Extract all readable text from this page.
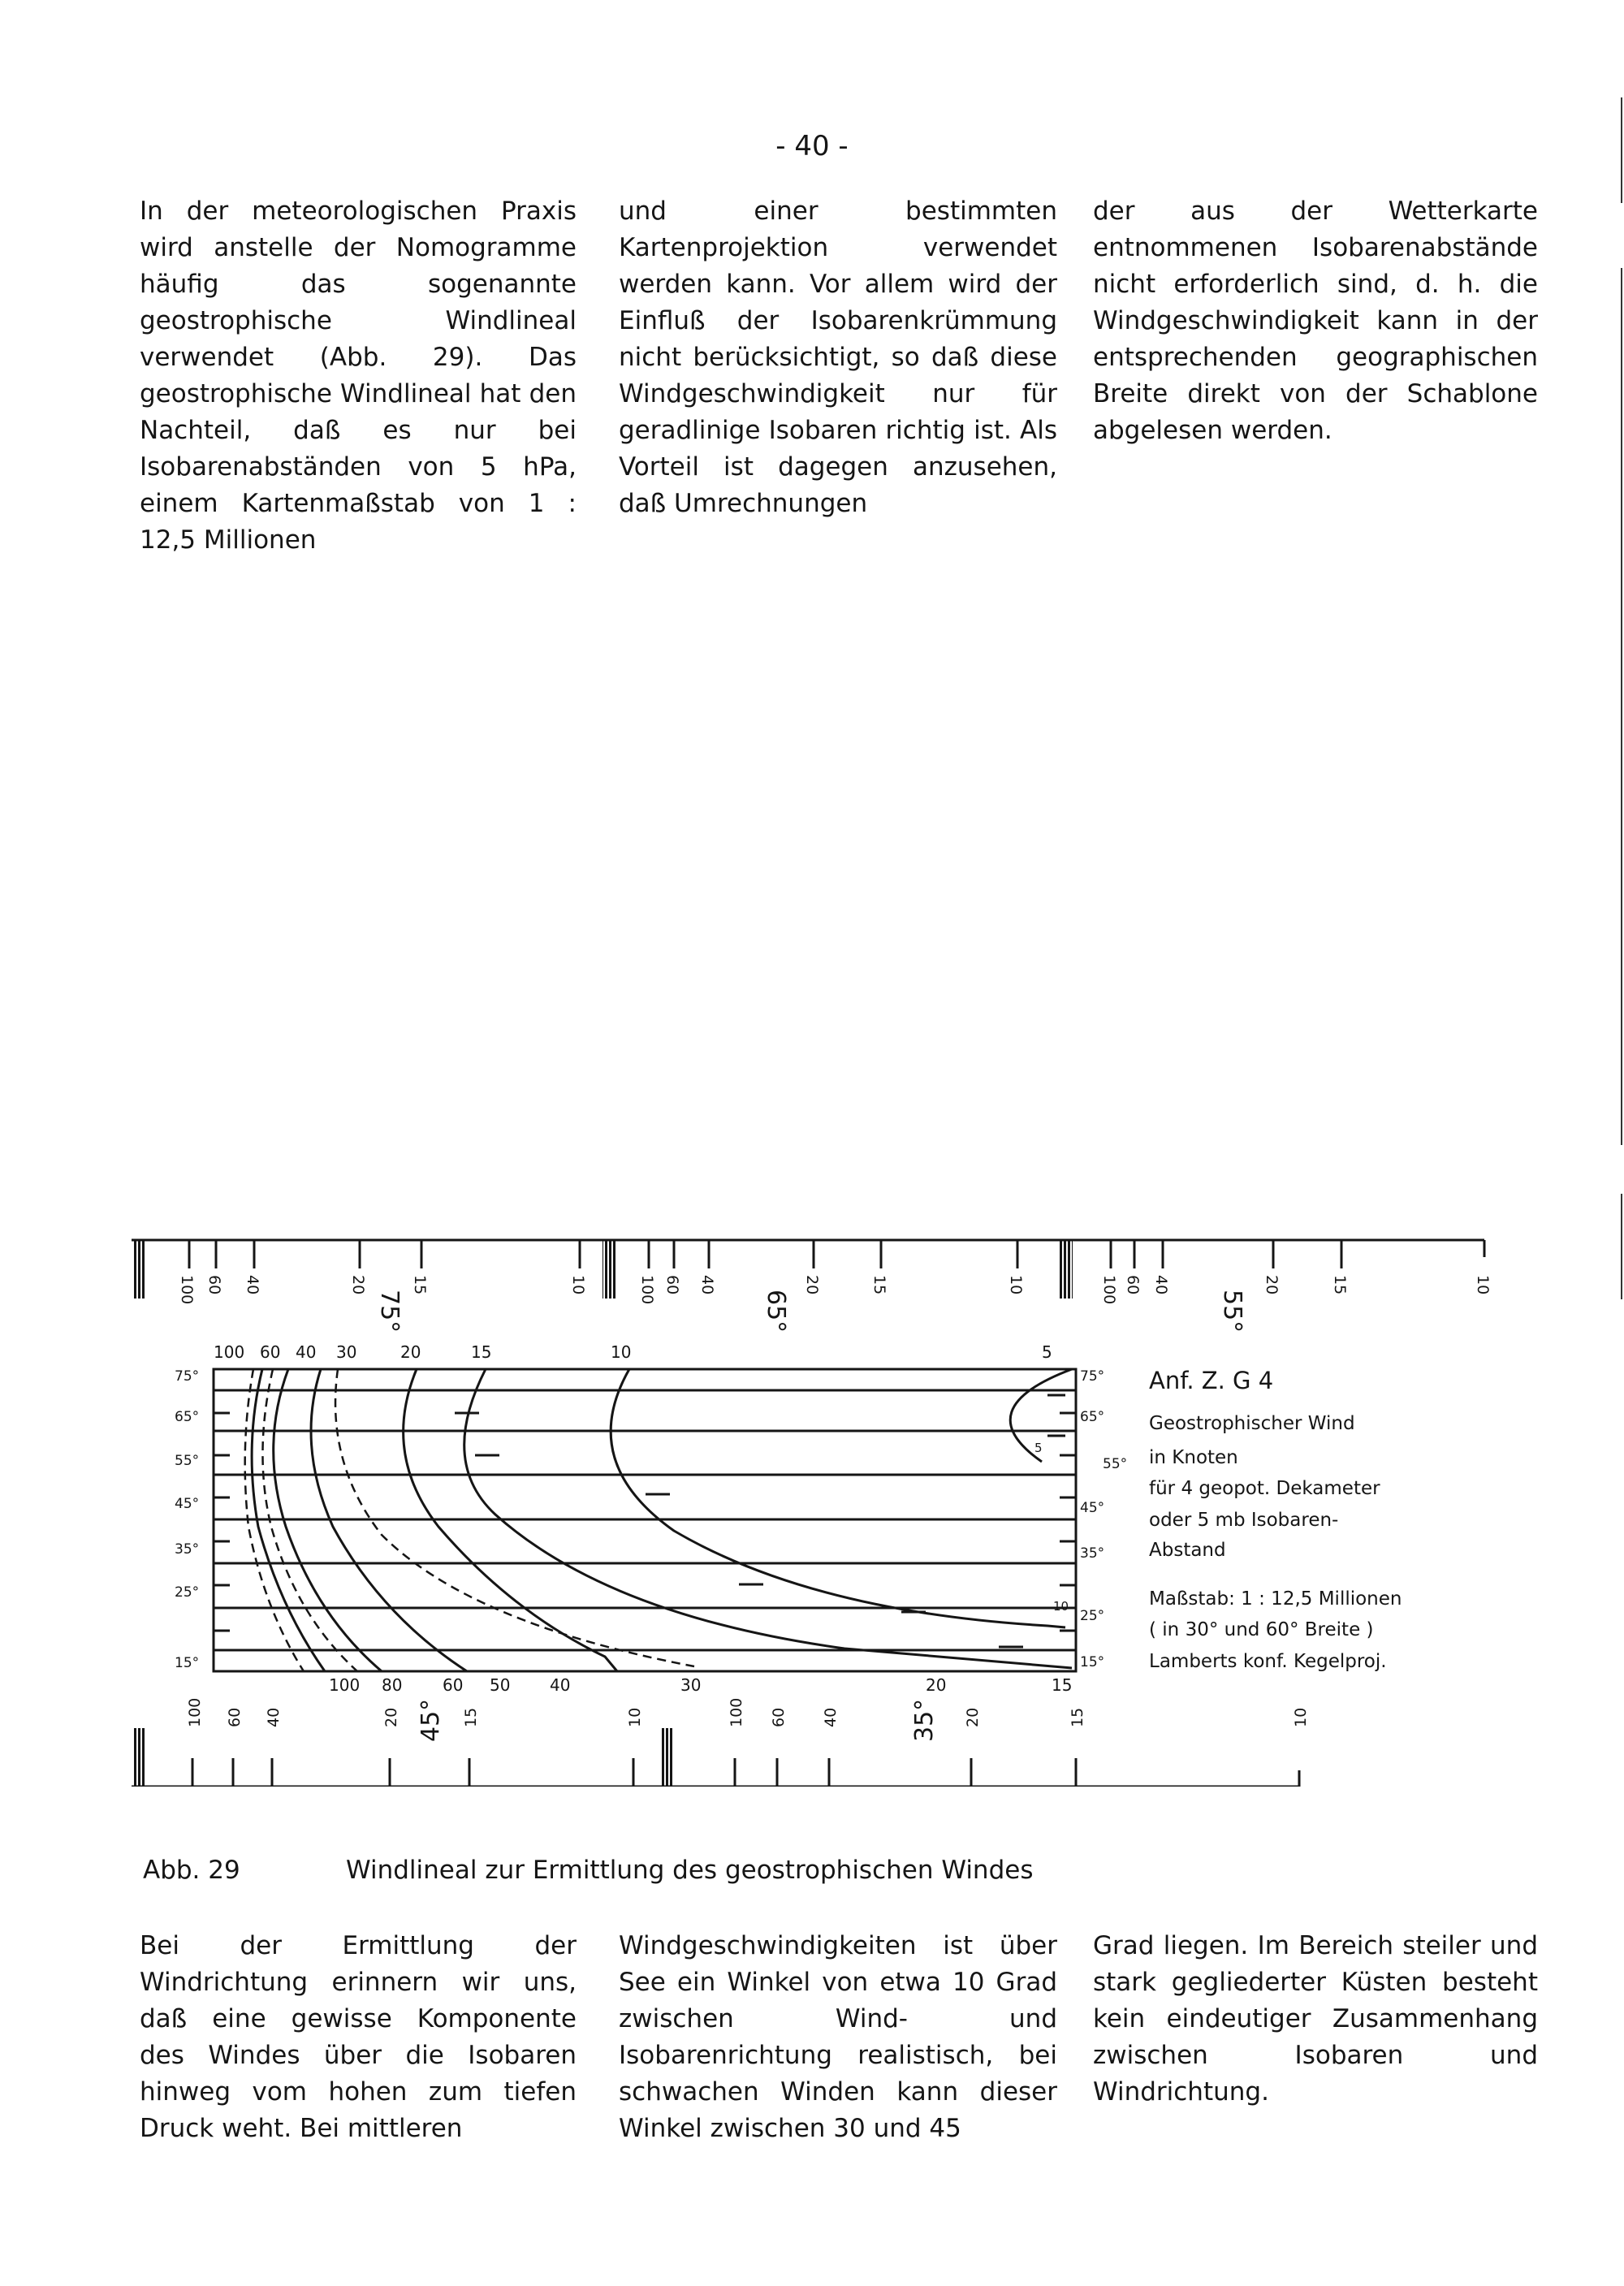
- 40 -

In der meteorologischen Praxis wird anstelle der Nomogramme häufig das sogenannte geostrophische Windlineal verwendet (Abb. 29). Das geostrophische Windlineal hat den Nachteil, daß es nur bei Isobarenabständen von 5 hPa, einem Kartenmaßstab von 1 : 12,5 Millionen

und einer bestimmten Kartenprojektion verwendet werden kann. Vor allem wird der Einfluß der Isobarenkrümmung nicht berücksichtigt, so daß diese Windgeschwindigkeit nur für geradlinige Isobaren richtig ist. Als Vorteil ist dagegen anzusehen, daß Umrechnungen

der aus der Wetterkarte entnommenen Isobarenabstände nicht erforderlich sind, d. h. die Windgeschwindigkeit kann in der entsprechenden geographischen Breite direkt von der Schablone abgelesen werden.

100 60 40	20	15	10	100 60 40	20	15	10	100 60 40	20	15	10
75°	65°	55°
75°
65°
55°
45°
35°
25°
15°
75°
65°
55°
45°
35°
25°
15°
100 60 40 30	20	15	10	5
100 80 60 50 40	30	20	15
5
10
Anf. Z. G 4
Geostrophischer Wind
in Knoten
für 4 geopot. Dekameter
oder 5 mb Isobaren-
Abstand
Maßstab: 1 : 12,5 Millionen
( in 30° und 60° Breite )
Lamberts konf. Kegelproj.
100 60 40	20	15	10	100 60 40	20	15	10
45°	35°
Abb. 29	Windlineal zur Ermittlung des geostrophischen Windes

Bei der Ermittlung der Windrichtung erinnern wir uns, daß eine gewisse Komponente des Windes über die Isobaren hinweg vom hohen zum tiefen Druck weht. Bei mittleren

Windgeschwindigkeiten ist über See ein Winkel von etwa 10 Grad zwischen Wind- und Isobarenrichtung realistisch, bei schwachen Winden kann dieser Winkel zwischen 30 und 45

Grad liegen. Im Bereich steiler und stark gegliederter Küsten besteht kein eindeutiger Zusammenhang zwischen Isobaren und Windrichtung.
